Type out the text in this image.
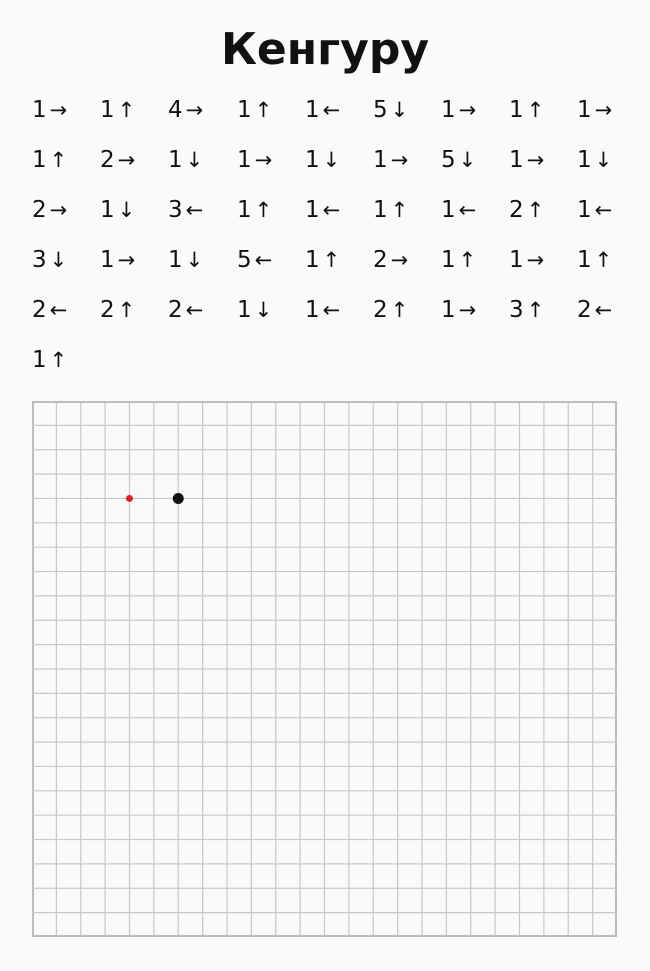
Кенгуру
1 → 1 ↑ 4 → 1 ↑ 1 ← 5 ↓ 1 → 1 ↑ 1 →
1 ↑ 2 → 1 ↓ 1 → 1 ↓ 1 → 5 ↓ 1 → 1 ↓
2 → 1 ↓ 3 ← 1 ↑ 1 ← 1 ↑ 1 ← 2 ↑ 1 ←
3 ↓ 1 → 1 ↓ 5 ← 1 ↑ 2 → 1 ↑ 1 → 1 ↑
2 ← 2 ↑ 2 ← 1 ↓ 1 ← 2 ↑ 1 → 3 ↑ 2 ←
1 ↑
